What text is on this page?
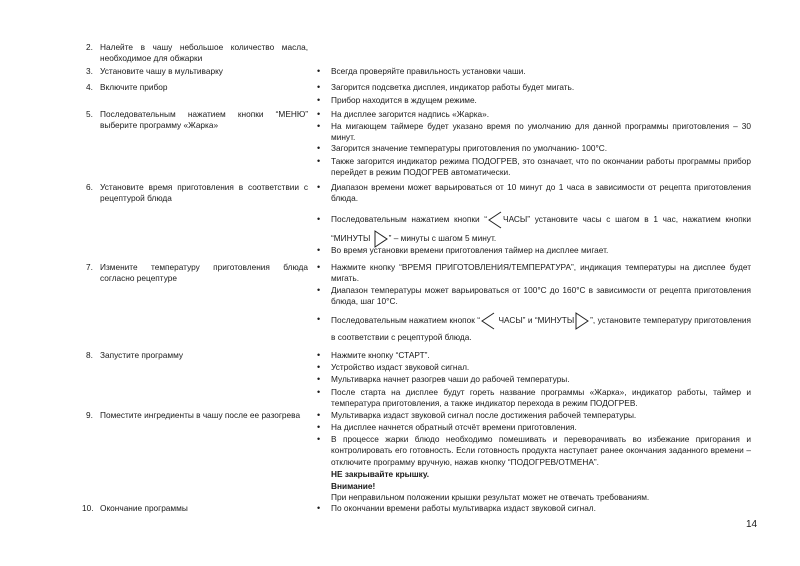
2. Налейте в чашу небольшое количество масла, необходимое для обжарки
3. Установите чашу в мультиварку
4. Включите прибор
5. Последовательным нажатием кнопки “МЕНЮ” выберите программу «Жарка»
6. Установите время приготовления в соответствии с рецептурой блюда
7. Измените температуру приготовления блюда согласно рецептуре
8. Запустите программу
9. Поместите ингредиенты в чашу после ее разогрева
10. Окончание программы
• Всегда проверяйте правильность установки чаши.
• Загорится подсветка дисплея, индикатор работы будет мигать.
• Прибор находится в ждущем режиме.
• На дисплее загорится надпись «Жарка».
• На мигающем таймере будет указано время по умолчанию для данной программы приготовления – 30 минут.
• Загорится значение температуры приготовления по умолчанию- 100°С.
• Также загорится индикатор режима ПОДОГРЕВ, это означает, что по окончании работы программы прибор перейдет в режим ПОДОГРЕВ автоматически.
• Диапазон времени может варьироваться от 10 минут до 1 часа в зависимости от рецепта приготовления блюда.
• Последовательным нажатием кнопки “ ЧАСЫ” установите часы с шагом в 1 час, нажатием кнопки “МИНУТЫ ” – минуты с шагом 5 минут.
• Во время установки времени приготовления таймер на дисплее мигает.
• Нажмите кнопку “ВРЕМЯ ПРИГОТОВЛЕНИЯ/ТЕМПЕРАТУРА”, индикация температуры на дисплее будет мигать.
• Диапазон температуры может варьироваться от 100°С до 160°С в зависимости от рецепта приготовления блюда, шаг 10°С.
• Последовательным нажатием кнопок “ ЧАСЫ” и “МИНУТЫ ”, установите температуру приготовления в соответствии с рецептурой блюда.
• Нажмите кнопку “СТАРТ”.
• Устройство издаст звуковой сигнал.
• Мультиварка начнет разогрев чаши до рабочей температуры.
• После старта на дисплее будут гореть название программы «Жарка», индикатор работы, таймер и температура приготовления, а также индикатор перехода в режим ПОДОГРЕВ.
• Мультиварка издаст звуковой сигнал после достижения рабочей температуры.
• На дисплее начнется обратный отсчёт времени приготовления.
• В процессе жарки блюдо необходимо помешивать и переворачивать во избежание пригорания и контролировать его готовность. Если готовность продукта наступает ранее окончания заданного времени – отключите программу вручную, нажав кнопку “ПОДОГРЕВ/ОТМЕНА”.
НЕ закрывайте крышку.
Внимание!
При неправильном положении крышки результат может не отвечать требованиям.
• По окончании времени работы мультиварка издаст звуковой сигнал.
14
